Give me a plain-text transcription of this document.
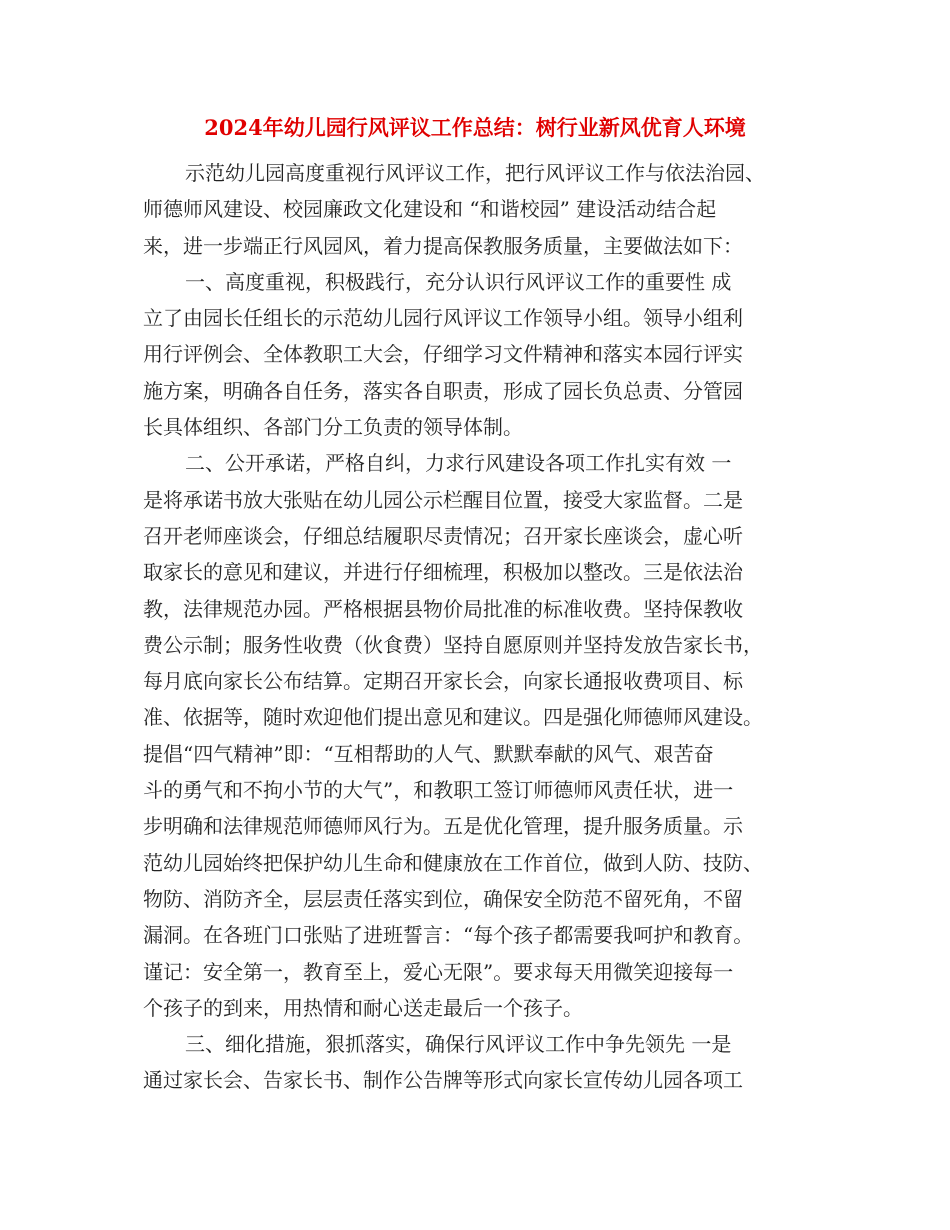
2024年幼儿园行风评议工作总结：树行业新风优育人环境
示范幼儿园高度重视行风评议工作，把行风评议工作与依法治园、
师德师风建设、校园廉政文化建设和 “和谐校园” 建设活动结合起
来，进一步端正行风园风，着力提高保教服务质量，主要做法如下：
一、高度重视，积极践行，充分认识行风评议工作的重要性 成
立了由园长任组长的示范幼儿园行风评议工作领导小组。领导小组利
用行评例会、全体教职工大会，仔细学习文件精神和落实本园行评实
施方案，明确各自任务，落实各自职责，形成了园长负总责、分管园
长具体组织、各部门分工负责的领导体制。
二、公开承诺，严格自纠，力求行风建设各项工作扎实有效 一
是将承诺书放大张贴在幼儿园公示栏醒目位置，接受大家监督。二是
召开老师座谈会，仔细总结履职尽责情况；召开家长座谈会，虚心听
取家长的意见和建议，并进行仔细梳理，积极加以整改。三是依法治
教，法律规范办园。严格根据县物价局批准的标准收费。坚持保教收
费公示制；服务性收费（伙食费）坚持自愿原则并坚持发放告家长书，
每月底向家长公布结算。定期召开家长会，向家长通报收费项目、标
准、依据等，随时欢迎他们提出意见和建议。四是强化师德师风建设。
提倡“四气精神”即：“互相帮助的人气、默默奉献的风气、艰苦奋
斗的勇气和不拘小节的大气”，和教职工签订师德师风责任状，进一
步明确和法律规范师德师风行为。五是优化管理，提升服务质量。示
范幼儿园始终把保护幼儿生命和健康放在工作首位，做到人防、技防、
物防、消防齐全，层层责任落实到位，确保安全防范不留死角，不留
漏洞。在各班门口张贴了进班誓言：“每个孩子都需要我呵护和教育。
谨记：安全第一，教育至上，爱心无限”。要求每天用微笑迎接每一
个孩子的到来，用热情和耐心送走最后一个孩子。
三、细化措施，狠抓落实，确保行风评议工作中争先领先 一是
通过家长会、告家长书、制作公告牌等形式向家长宣传幼儿园各项工
